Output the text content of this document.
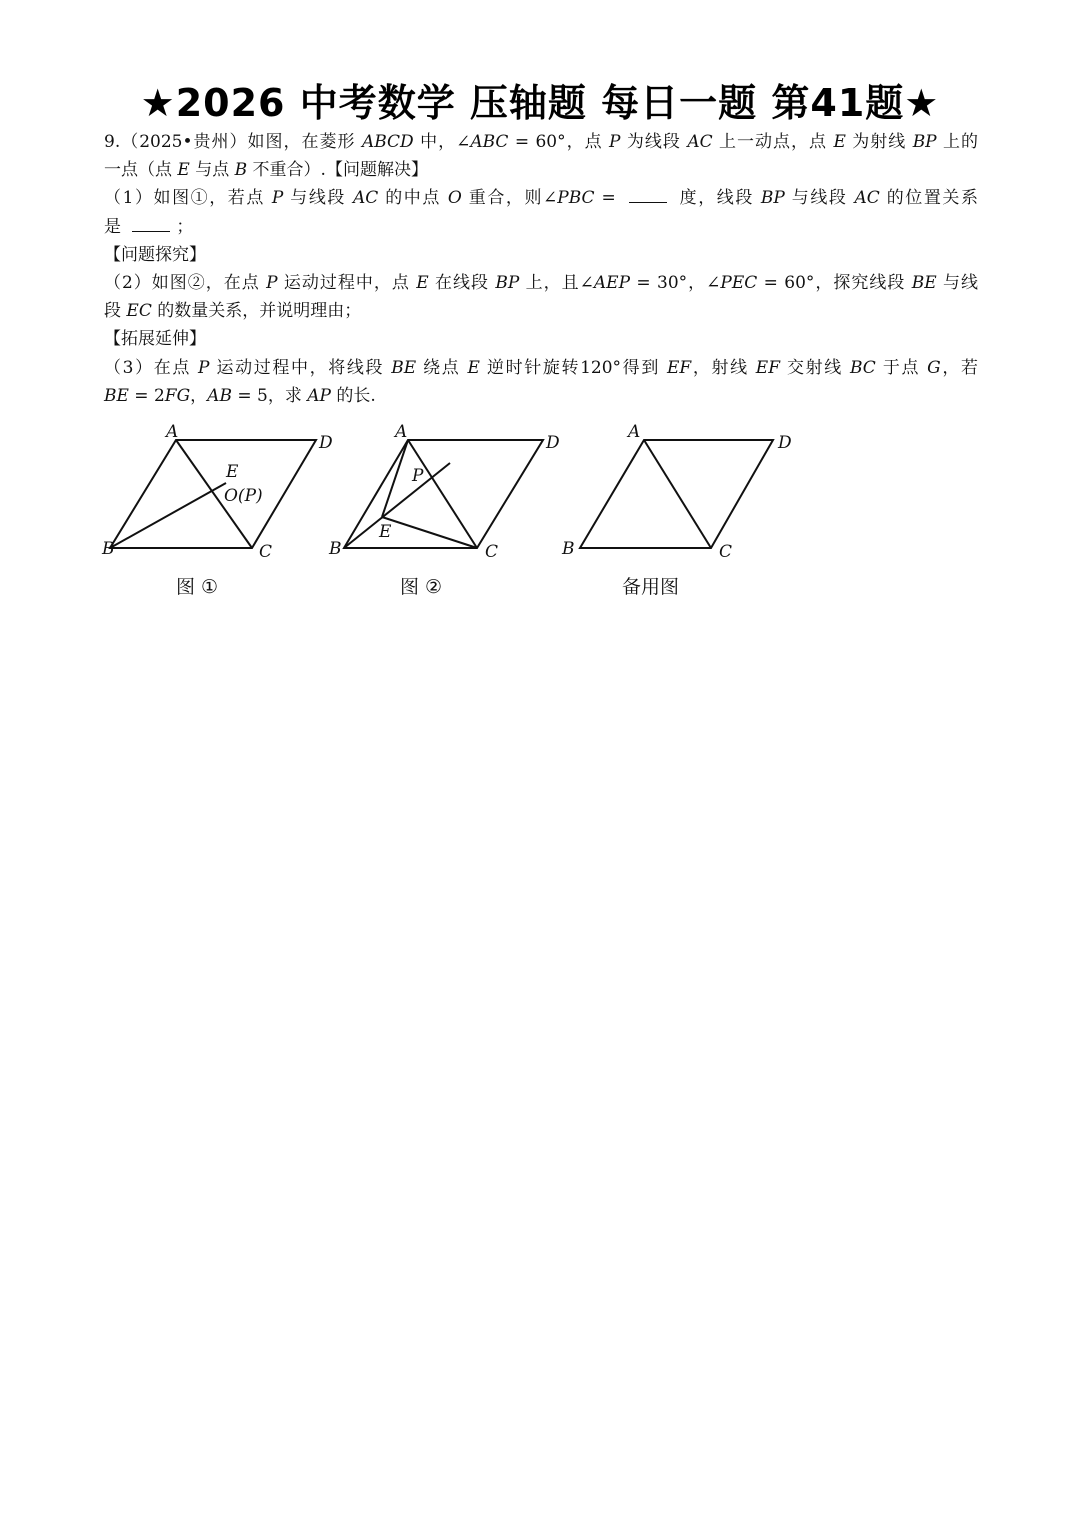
★2026 中考数学 压轴题 每日一题 第41题★
9.（2025•贵州）如图，在菱形 ABCD 中，∠ABC = 60°，点 P 为线段 AC 上一动点，点 E 为射线 BP 上的
一点（点 E 与点 B 不重合）.【问题解决】
（1）如图①，若点 P 与线段 AC 的中点 O 重合，则∠PBC =	度，线段 BP 与线段 AC 的位置关系
是	；
【问题探究】
（2）如图②，在点 P 运动过程中，点 E 在线段 BP 上，且∠AEP = 30°，∠PEC = 60°，探究线段 BE 与线
段 EC 的数量关系，并说明理由；
【拓展延伸】
（3）在点 P 运动过程中，将线段 BE 绕点 E 逆时针旋转120°得到 EF，射线 EF 交射线 BC 于点 G，若
BE = 2FG，AB = 5，求 AP 的长.
A
D
B	C
E
O(P)
图 ①
A
D
B	C
P
E
图 ②
A
D
B	C
备用图
